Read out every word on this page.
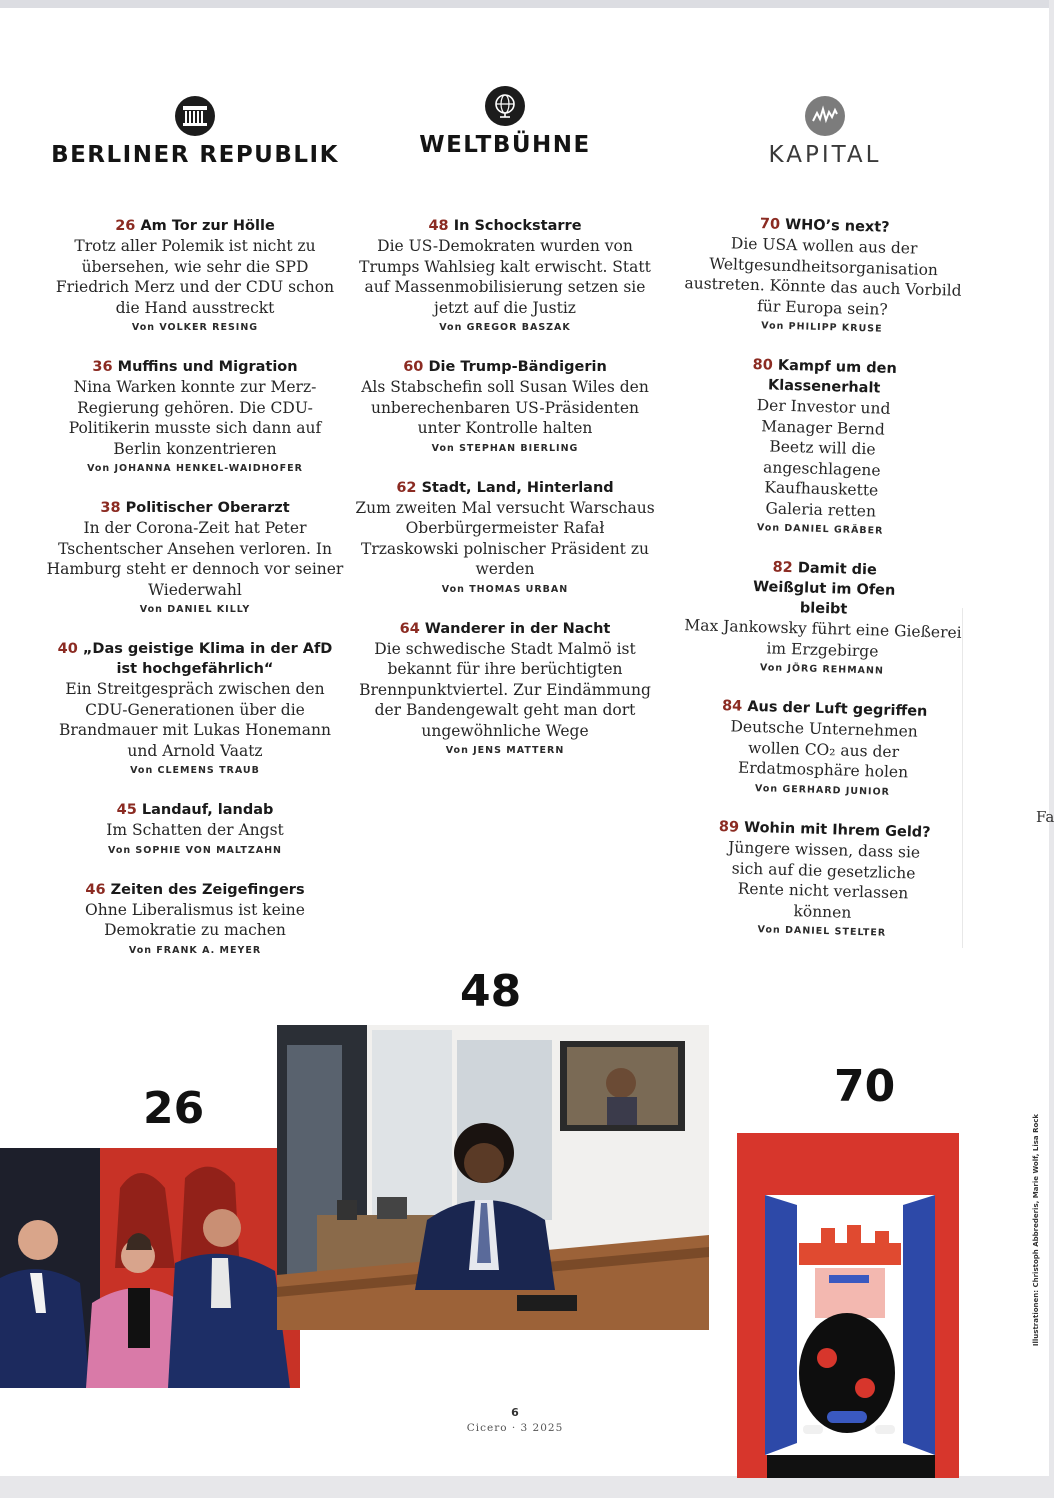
BERLINER REPUBLIK
26 Am Tor zur Hölle
Trotz aller Polemik ist nicht zu übersehen, wie sehr die SPD Friedrich Merz und der CDU schon die Hand ausstreckt
Von VOLKER RESING
36 Muffins und Migration
Nina Warken konnte zur Merz-Regierung gehören. Die CDU-Politikerin musste sich dann auf Berlin konzentrieren
Von JOHANNA HENKEL-WAIDHOFER
38 Politischer Oberarzt
In der Corona-Zeit hat Peter Tschentscher Ansehen verloren. In Hamburg steht er dennoch vor seiner Wiederwahl
Von DANIEL KILLY
40 „Das geistige Klima in der AfD ist hochgefährlich“
Ein Streitgespräch zwischen den CDU-Generationen über die Brandmauer mit Lukas Honemann und Arnold Vaatz
Von CLEMENS TRAUB
45 Landauf, landab
Im Schatten der Angst
Von SOPHIE VON MALTZAHN
46 Zeiten des Zeigefingers
Ohne Liberalismus ist keine Demokratie zu machen
Von FRANK A. MEYER
WELTBÜHNE
48 In Schockstarre
Die US-Demokraten wurden von Trumps Wahlsieg kalt erwischt. Statt auf Massenmobilisierung setzen sie jetzt auf die Justiz
Von GREGOR BASZAK
60 Die Trump-Bändigerin
Als Stabschefin soll Susan Wiles den unberechenbaren US-Präsidenten unter Kontrolle halten
Von STEPHAN BIERLING
62 Stadt, Land, Hinterland
Zum zweiten Mal versucht Warschaus Oberbürgermeister Rafał Trzaskowski polnischer Präsident zu werden
Von THOMAS URBAN
64 Wanderer in der Nacht
Die schwedische Stadt Malmö ist bekannt für ihre berüchtigten Brennpunktviertel. Zur Eindämmung der Bandengewalt geht man dort ungewöhnliche Wege
Von JENS MATTERN
KAPITAL
70 WHO’s next?
Die USA wollen aus der Weltgesundheitsorganisation austreten. Könnte das auch Vorbild für Europa sein?
Von PHILIPP KRUSE
80 Kampf um den Klassenerhalt
Der Investor und Manager Bernd Beetz will die angeschlagene Kaufhauskette Galeria retten
Von DANIEL GRÄBER
82 Damit die Weißglut im Ofen bleibt
Max Jankowsky führt eine Gießerei im Erzgebirge
Von JÖRG REHMANN
84 Aus der Luft gegriffen
Deutsche Unternehmen wollen CO₂ aus der Erdatmosphäre holen
Von GERHARD JUNIOR
89 Wohin mit Ihrem Geld?
Jüngere wissen, dass sie sich auf die gesetzliche Rente nicht verlassen können
Von DANIEL STELTER
Fa
48
26	70
Illustrationen: Christoph Abbrederis, Marie Wolf, Lisa Rock
6
Cicero · 3 2025
